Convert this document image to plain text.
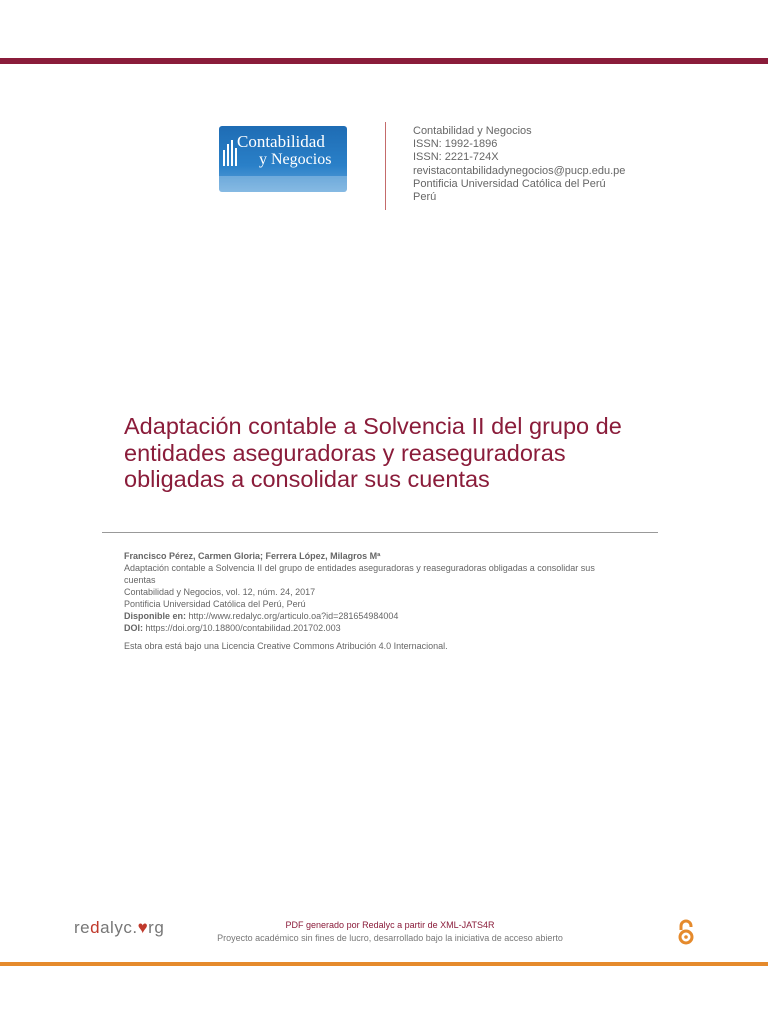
Contabilidad
y Negocios
Contabilidad y Negocios
ISSN: 1992-1896
ISSN: 2221-724X
revistacontabilidadynegocios@pucp.edu.pe
Pontificia Universidad Católica del Perú
Perú
Adaptación contable a Solvencia II del grupo de entidades aseguradoras y reaseguradoras obligadas a consolidar sus cuentas
Francisco Pérez, Carmen Gloria; Ferrera López, Milagros Mª
Adaptación contable a Solvencia II del grupo de entidades aseguradoras y reaseguradoras obligadas a consolidar sus cuentas
Contabilidad y Negocios, vol. 12, núm. 24, 2017
Pontificia Universidad Católica del Perú, Perú
Disponible en: http://www.redalyc.org/articulo.oa?id=281654984004
DOI: https://doi.org/10.18800/contabilidad.201702.003
Esta obra está bajo una Licencia Creative Commons Atribución 4.0 Internacional.
redalyc.♥rg	PDF generado por Redalyc a partir de XML-JATS4R
Proyecto académico sin fines de lucro, desarrollado bajo la iniciativa de acceso abierto
